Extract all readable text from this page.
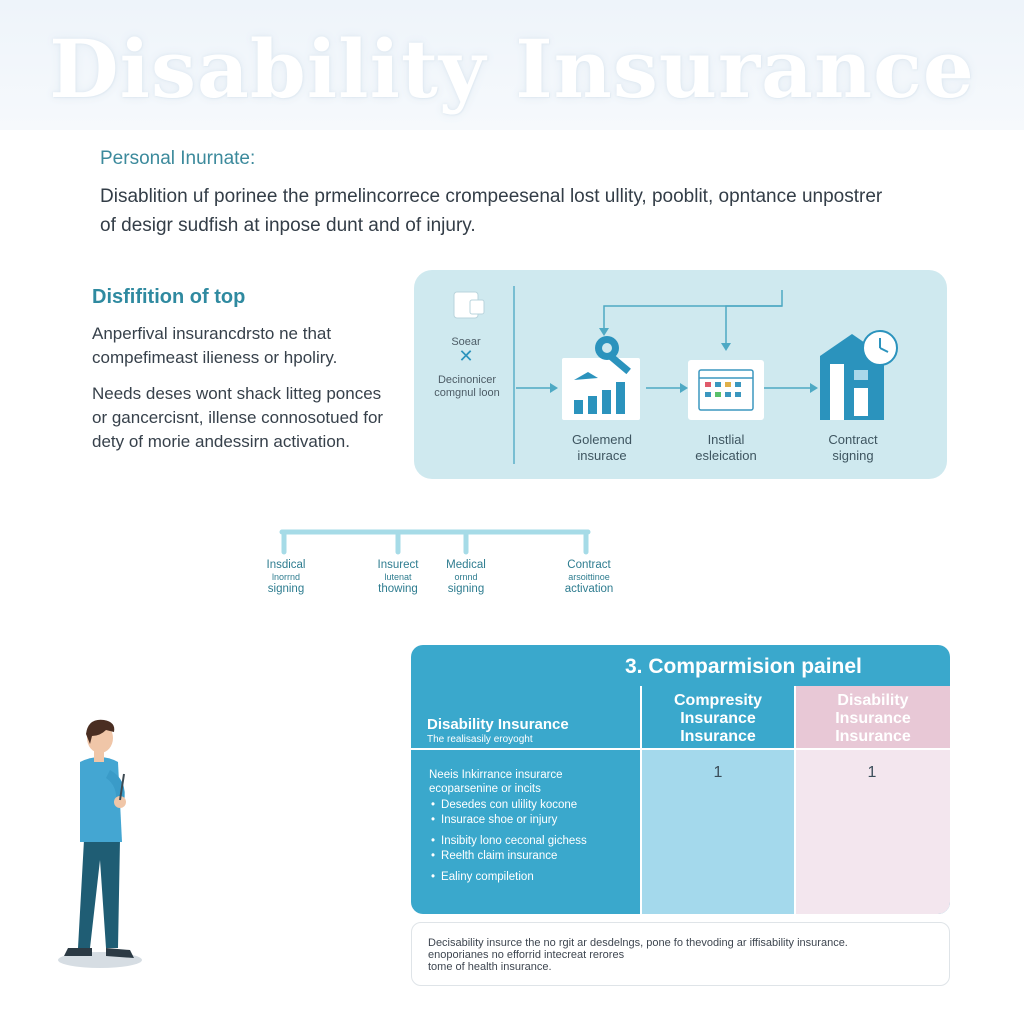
Disability Insurance
Personal Inurnate:
Disablition uf porinee the prmelincorrece crompeesenal lost ullity, pooblit, opntance unpostrer of desigr sudfish at inpose dunt and of injury.
Disfifition of top
Anperfival insurancdrsto ne that compefimeast ilieness or hpoliry.
Needs deses wont shack litteg ponces or gancercisnt, illense connosotued for dety of morie andessirn activation.
Soear
✕
Decinonicer comgnul loon
Golemend insurace
Instlial esleication
Contract signing
Insdical
lnorrnd
signing
Insurect
lutenat
thowing
Medical
ornnd
signing
Contract
arsoittinoe
activation
3. Comparmision painel
Compresity Insurance Insurance
Disability Insurance Insurance
Disability Insurance
The realisasily eroyoght
Neeis Inkirrance insurarce ecoparsenine or incits
• Desedes con ulility kocone
• Insurace shoe or injury
• Insibity lono ceconal gichess
• Reelth claim insurance
• Ealiny compiletion
1	1
Decisability insurce the no rgit ar desdelngs, pone fo thevoding ar iffisability insurance.
enoporianes no efforrid intecreat rerores
tome of health insurance.
